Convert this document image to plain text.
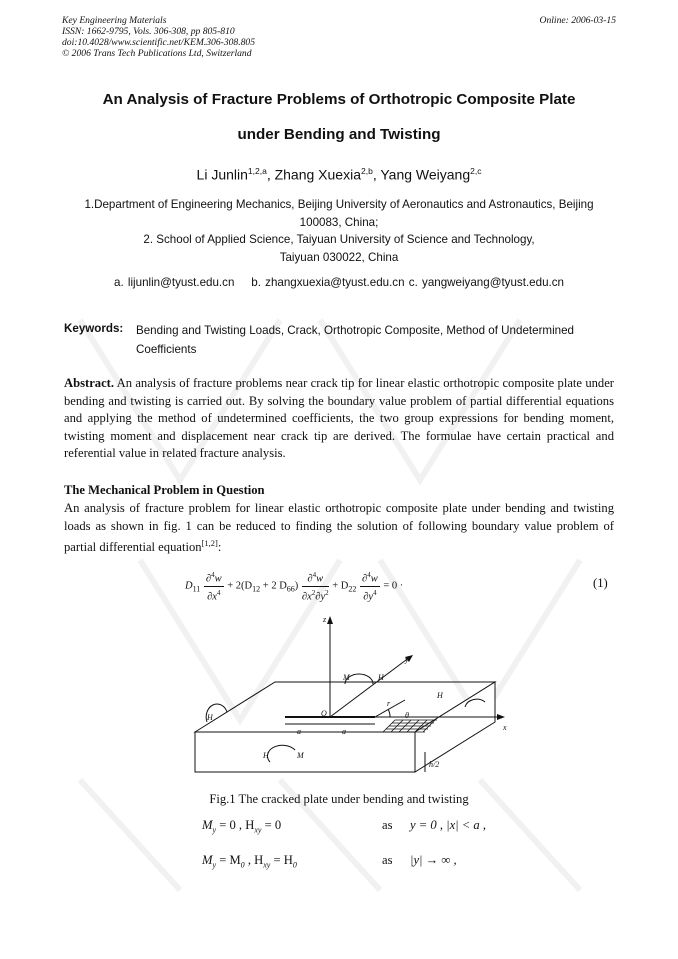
Key Engineering Materials
ISSN: 1662-9795, Vols. 306-308, pp 805-810
doi:10.4028/www.scientific.net/KEM.306-308.805
© 2006 Trans Tech Publications Ltd, Switzerland
Online: 2006-03-15
An Analysis of Fracture Problems of Orthotropic Composite Plate
under Bending and Twisting
Li Junlin$^{1,2,a}$, Zhang Xuexia$^{2,b}$, Yang Weiyang$^{2,c}$
1.Department of Engineering Mechanics, Beijing University of Aeronautics and Astronautics, Beijing
100083, China;
2. School of Applied Science, Taiyuan University of Science and Technology,
Taiyuan 030022, China
a. lijunlin@tyust.edu.cn    b. zhangxuexia@tyust.edu.cn c. yangweiyang@tyust.edu.cn
Keywords: Bending and Twisting Loads, Crack, Orthotropic Composite, Method of Undetermined Coefficients
Abstract. An analysis of fracture problems near crack tip for linear elastic orthotropic composite plate under bending and twisting is carried out. By solving the boundary value problem of partial differential equations and applying the method of undetermined coefficients, the two group expressions for bending moment, twisting moment and displacement near crack tip are derived. The formulae have certain practical and referential value in related fracture analysis.
The Mechanical Problem in Question
An analysis of fracture problem for linear elastic orthotropic composite plate under bending and twisting loads as shown in fig. 1 can be reduced to finding the solution of following boundary value problem of partial differential equation[1,2]:
$D_{11} \frac{\partial^4w}{\partial x^4} + 2(D_{12} + 2$ $D_{66}) \frac{\partial^4w}{\partial x^2\partial y^2} + D_{22} \frac{\partial^4w}{\partial y^4} = 0$ ·	(1)
z
y
x
O
M	H
H
H
H	M
r
θ
a	a
h/2
Fig.1 The cracked plate under bending and twisting
$M_y = 0$ , $H_{xy} = 0$	as y = 0 , |x| < a ,
$M_y = M_0$ , $H_{xy} = H_0$	as |y| → ∞ ,
